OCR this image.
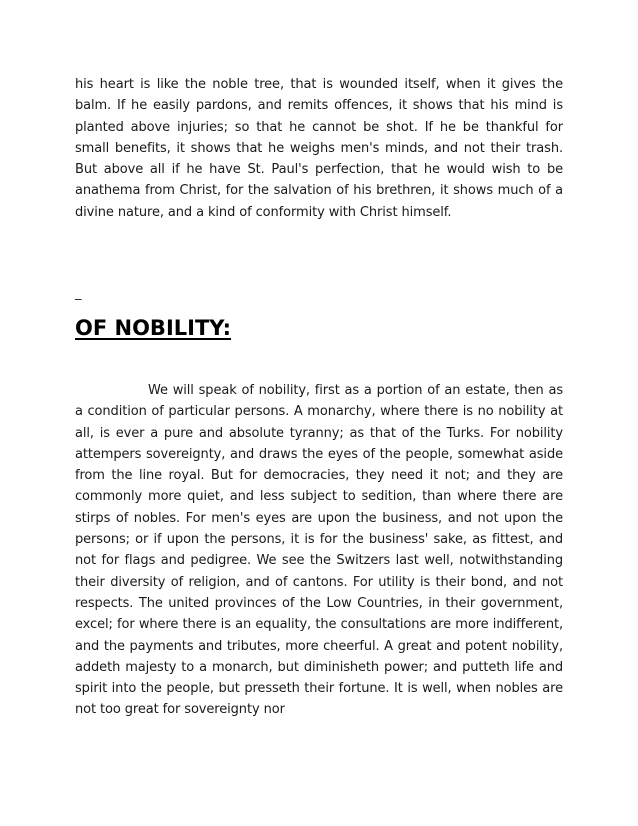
his heart is like the noble tree, that is wounded itself, when it gives the balm. If he easily pardons, and remits offences, it shows that his mind is planted above injuries; so that he cannot be shot. If he be thankful for small benefits, it shows that he weighs men's minds, and not their trash. But above all if he have St. Paul's perfection, that he would wish to be anathema from Christ, for the salvation of his brethren, it shows much of a divine nature, and a kind of conformity with Christ himself.

_
OF NOBILITY:

We will speak of nobility, first as a portion of an estate, then as a condition of particular persons. A monarchy, where there is no nobility at all, is ever a pure and absolute tyranny; as that of the Turks. For nobility attempers sovereignty, and draws the eyes of the people, somewhat aside from the line royal. But for democracies, they need it not; and they are commonly more quiet, and less subject to sedition, than where there are stirps of nobles. For men's eyes are upon the business, and not upon the persons; or if upon the persons, it is for the business' sake, as fittest, and not for flags and pedigree. We see the Switzers last well, notwithstanding their diversity of religion, and of cantons. For utility is their bond, and not respects. The united provinces of the Low Countries, in their government, excel; for where there is an equality, the consultations are more indifferent, and the payments and tributes, more cheerful. A great and potent nobility, addeth majesty to a monarch, but diminisheth power; and putteth life and spirit into the people, but presseth their fortune. It is well, when nobles are not too great for sovereignty nor
